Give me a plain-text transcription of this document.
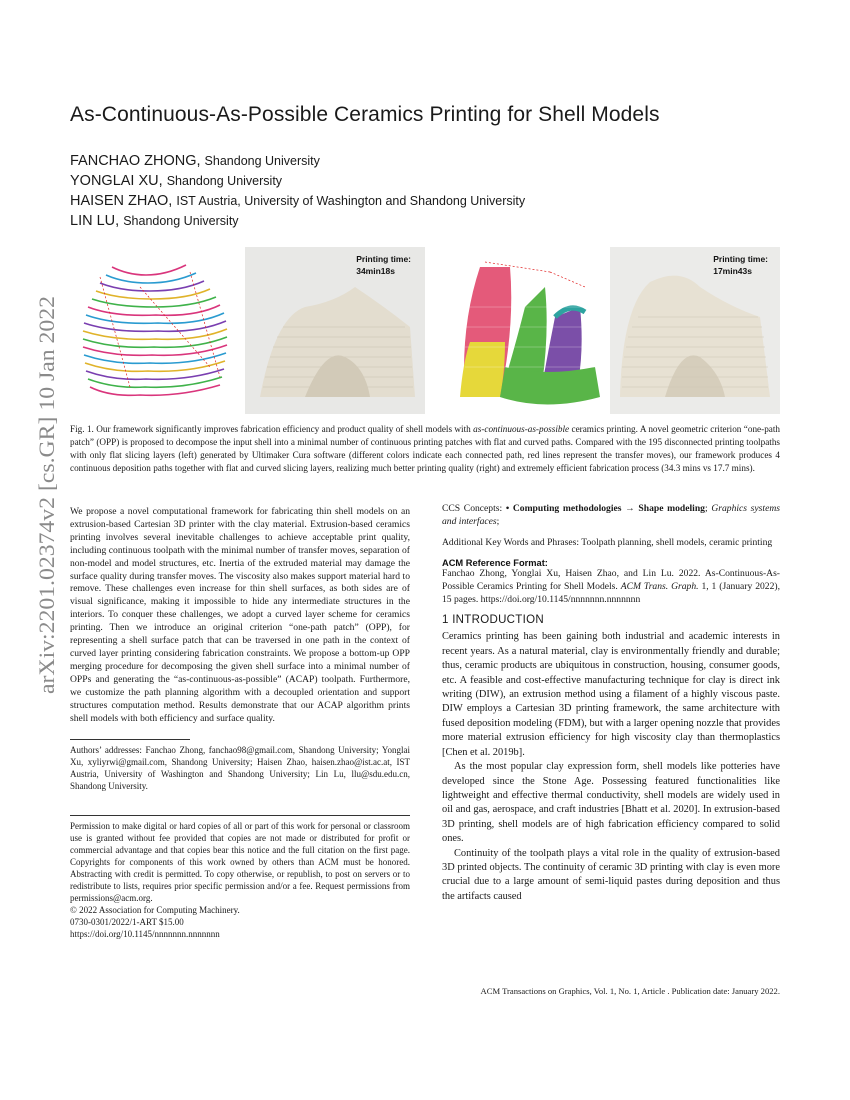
arXiv:2201.02374v2 [cs.GR] 10 Jan 2022
As-Continuous-As-Possible Ceramics Printing for Shell Models
FANCHAO ZHONG, Shandong University
YONGLAI XU, Shandong University
HAISEN ZHAO, IST Austria, University of Washington and Shandong University
LIN LU, Shandong University
Printing time:
34min18s
Printing time:
17min43s
Fig. 1. Our framework significantly improves fabrication efficiency and product quality of shell models with as-continuous-as-possible ceramics printing. A novel geometric criterion “one-path patch” (OPP) is proposed to decompose the input shell into a minimal number of continuous printing patches with flat and curved paths. Compared with the 195 disconnected printing toolpaths with only flat slicing layers (left) generated by Ultimaker Cura software (different colors indicate each connected path, red lines represent the transfer moves), our framework produces 4 continuous deposition paths together with flat and curved slicing layers, realizing much better printing quality (right) and extremely efficient fabrication process (34.3 mins vs 17.7 mins).
We propose a novel computational framework for fabricating thin shell models on an extrusion-based Cartesian 3D printer with the clay material. Extrusion-based ceramics printing involves several inevitable challenges to achieve acceptable print quality, including continuous toolpath with the minimal number of transfer moves, separation of non-model and model structures, etc. Inertia of the extruded material may damage the surface quality during transfer moves. The viscosity also makes support material hard to remove. These challenges even increase for thin shell surfaces, as both sides are of visual significance, making it impossible to hide any intermediate structures in the interiors. To conquer these challenges, we adopt a curved layer scheme for ceramics printing. Then we introduce an original criterion “one-path patch” (OPP), for representing a shell surface patch that can be traversed in one path in the context of curved layer printing considering fabrication constraints. We propose a bottom-up OPP merging procedure for decomposing the given shell surface into a minimal number of OPPs and generating the “as-continuous-as-possible” (ACAP) toolpath. Furthermore, we customize the path planning algorithm with a decoupled orientation and support structures computation method. Results demonstrate that our ACAP algorithm prints shell models with both efficiency and surface quality.
Authors’ addresses: Fanchao Zhong, fanchao98@gmail.com, Shandong University; Yonglai Xu, xyliyrwi@gmail.com, Shandong University; Haisen Zhao, haisen.zhao@ist.ac.at, IST Austria, University of Washington and Shandong University; Lin Lu, llu@sdu.edu.cn, Shandong University.
Permission to make digital or hard copies of all or part of this work for personal or classroom use is granted without fee provided that copies are not made or distributed for profit or commercial advantage and that copies bear this notice and the full citation on the first page. Copyrights for components of this work owned by others than ACM must be honored. Abstracting with credit is permitted. To copy otherwise, or republish, to post on servers or to redistribute to lists, requires prior specific permission and/or a fee. Request permissions from permissions@acm.org.
© 2022 Association for Computing Machinery.
0730-0301/2022/1-ART $15.00
https://doi.org/10.1145/nnnnnnn.nnnnnnn
CCS Concepts: • Computing methodologies → Shape modeling; Graphics systems and interfaces;
Additional Key Words and Phrases: Toolpath planning, shell models, ceramic printing
ACM Reference Format:
Fanchao Zhong, Yonglai Xu, Haisen Zhao, and Lin Lu. 2022. As-Continuous-As-Possible Ceramics Printing for Shell Models. ACM Trans. Graph. 1, 1 (January 2022), 15 pages. https://doi.org/10.1145/nnnnnnn.nnnnnnn
1 INTRODUCTION
Ceramics printing has been gaining both industrial and academic interests in recent years. As a natural material, clay is environmentally friendly and durable; thus, ceramic products are ubiquitous in construction, housing, consumer goods, etc. A feasible and cost-effective manufacturing technique for clay is direct ink writing (DIW), an extrusion method using a filament of a highly viscous paste. DIW employs a Cartesian 3D printing framework, the same architecture with fused deposition modeling (FDM), but with a larger opening nozzle that provides more material extrusion efficiency for high viscosity clay than thermoplastics [Chen et al. 2019b].
As the most popular clay expression form, shell models like potteries have developed since the Stone Age. Possessing featured functionalities like lightweight and effective thermal conductivity, shell models are widely used in oil and gas, aerospace, and craft industries [Bhatt et al. 2020]. In extrusion-based 3D printing, shell models are of high fabrication efficiency compared to solid ones.
Continuity of the toolpath plays a vital role in the quality of extrusion-based 3D printed objects. The continuity of ceramic 3D printing with clay is even more crucial due to a large amount of semi-liquid pastes during deposition and thus the artifacts caused
ACM Transactions on Graphics, Vol. 1, No. 1, Article . Publication date: January 2022.
